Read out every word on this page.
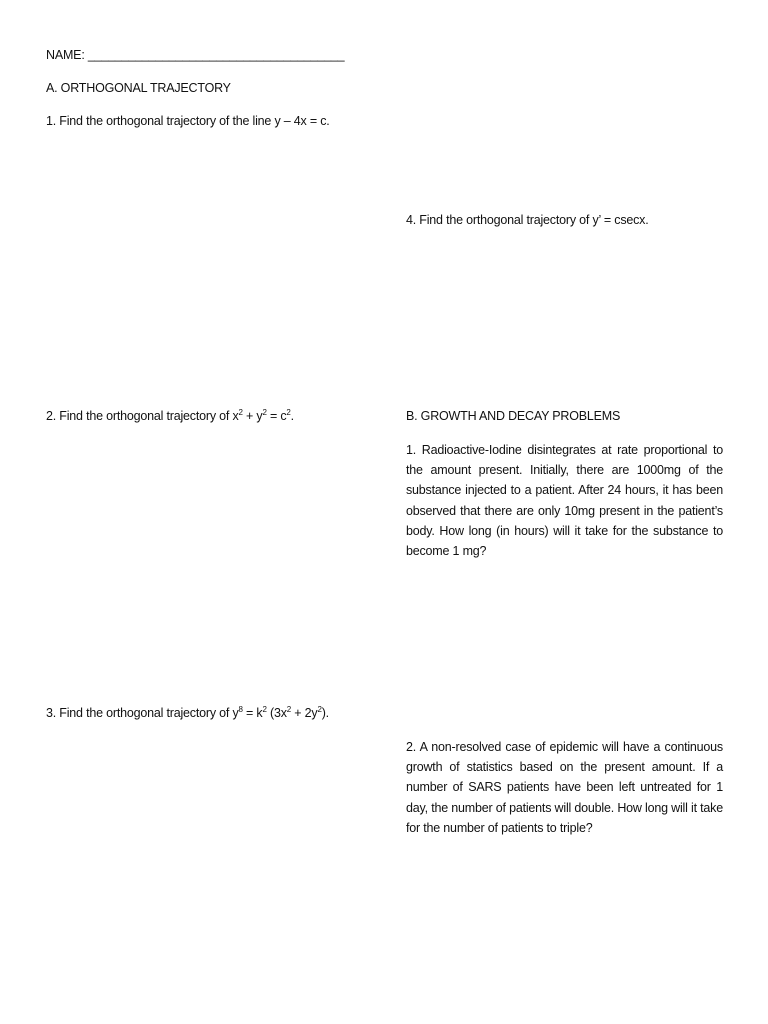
NAME: ______________________________________
A. ORTHOGONAL TRAJECTORY
1. Find the orthogonal trajectory of the line y – 4x = c.
4. Find the orthogonal trajectory of y’ = csecx.
2. Find the orthogonal trajectory of $x^2 + y^2 = c^2$.	B. GROWTH AND DECAY PROBLEMS
1. Radioactive-Iodine disintegrates at rate proportional to the amount present. Initially, there are 1000mg of the substance injected to a patient. After 24 hours, it has been observed that there are only 10mg present in the patient’s body. How long (in hours) will it take for the substance to become 1 mg?
3. Find the orthogonal trajectory of $y^8 = k^2$ $(3x^2 + 2y^2)$.
2. A non-resolved case of epidemic will have a continuous growth of statistics based on the present amount. If a number of SARS patients have been left untreated for 1 day, the number of patients will double. How long will it take for the number of patients to triple?
